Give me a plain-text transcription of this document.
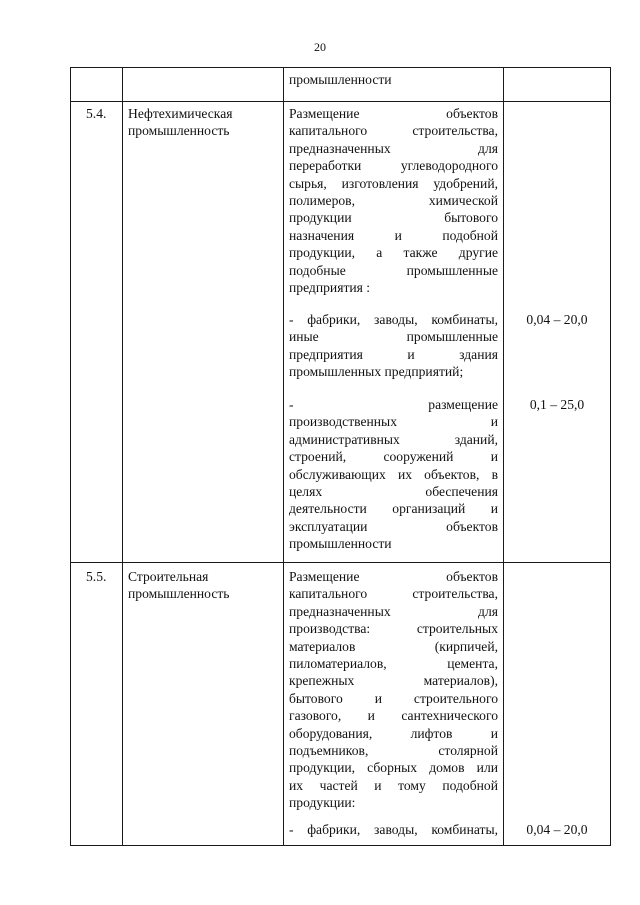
20
промышленности
5.4. Нефтехимическая
промышленность
Размещение объектов
капитального строительства,
предназначенных для
переработки углеводородного
сырья, изготовления удобрений,
полимеров, химической
продукции бытового
назначения и подобной
продукции, а также другие
подобные промышленные
предприятия :
- фабрики, заводы, комбинаты,
иные промышленные
предприятия и здания
промышленных предприятий;
0,04 – 20,0
- размещение
производственных и
административных зданий,
строений, сооружений и
обслуживающих их объектов, в
целях обеспечения
деятельности организаций и
эксплуатации объектов
промышленности
0,1 – 25,0
5.5. Строительная
промышленность
Размещение объектов
капитального строительства,
предназначенных для
производства: строительных
материалов (кирпичей,
пиломатериалов, цемента,
крепежных материалов),
бытового и строительного
газового, и сантехнического
оборудования, лифтов и
подъемников, столярной
продукции, сборных домов или
их частей и тому подобной
продукции:
- фабрики, заводы, комбинаты,	0,04 – 20,0
